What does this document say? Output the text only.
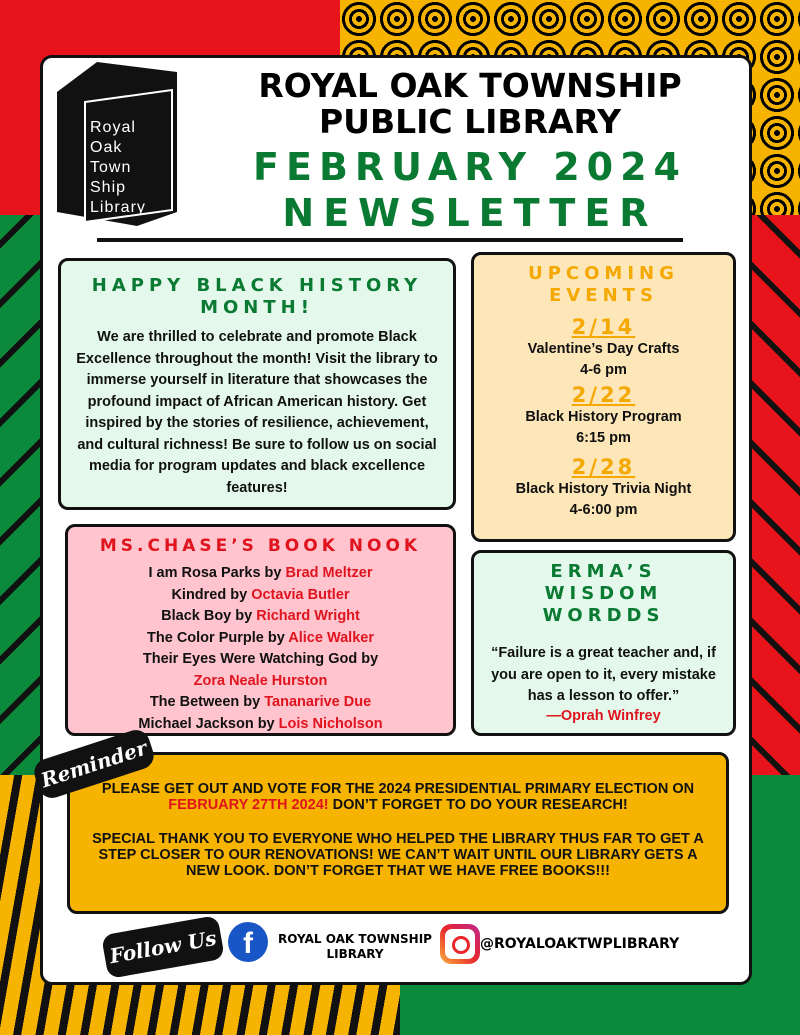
Royal
Oak
Town
Ship
Library
ROYAL OAK TOWNSHIP
PUBLIC LIBRARY
FEBRUARY 2024
NEWSLETTER
HAPPY BLACK HISTORY MONTH!

We are thrilled to celebrate and promote Black Excellence throughout the month! Visit the library to immerse yourself in literature that showcases the profound impact of African American history. Get inspired by the stories of resilience, achievement, and cultural richness! Be sure to follow us on social media for program updates and black excellence features!

UPCOMING EVENTS
2/14
Valentine’s Day Crafts
4-6 pm
2/22
Black History Program
6:15 pm
2/28
Black History Trivia Night
4-6:00 pm
MS.CHASE’S BOOK NOOK
I am Rosa Parks by Brad Meltzer
Kindred by Octavia Butler
Black Boy by Richard Wright
The Color Purple by Alice Walker
Their Eyes Were Watching God by
Zora Neale Hurston
The Between by Tananarive Due
Michael Jackson by Lois Nicholson
ERMA’S WISDOM WORDDS

“Failure is a great teacher and, if you are open to it, every mistake has a lesson to offer.”

—Oprah Winfrey

PLEASE GET OUT AND VOTE FOR THE 2024 PRESIDENTIAL PRIMARY ELECTION ON FEBRUARY 27TH 2024! DON’T FORGET TO DO YOUR RESEARCH!

SPECIAL THANK YOU TO EVERYONE WHO HELPED THE LIBRARY THUS FAR TO GET A STEP CLOSER TO OUR RENOVATIONS! WE CAN’T WAIT UNTIL OUR LIBRARY GETS A NEW LOOK. DON’T FORGET THAT WE HAVE FREE BOOKS!!!

Reminder
Follow Us f	ROYAL OAK TOWNSHIP LIBRARY
@ROYALOAKTWPLIBRARY
